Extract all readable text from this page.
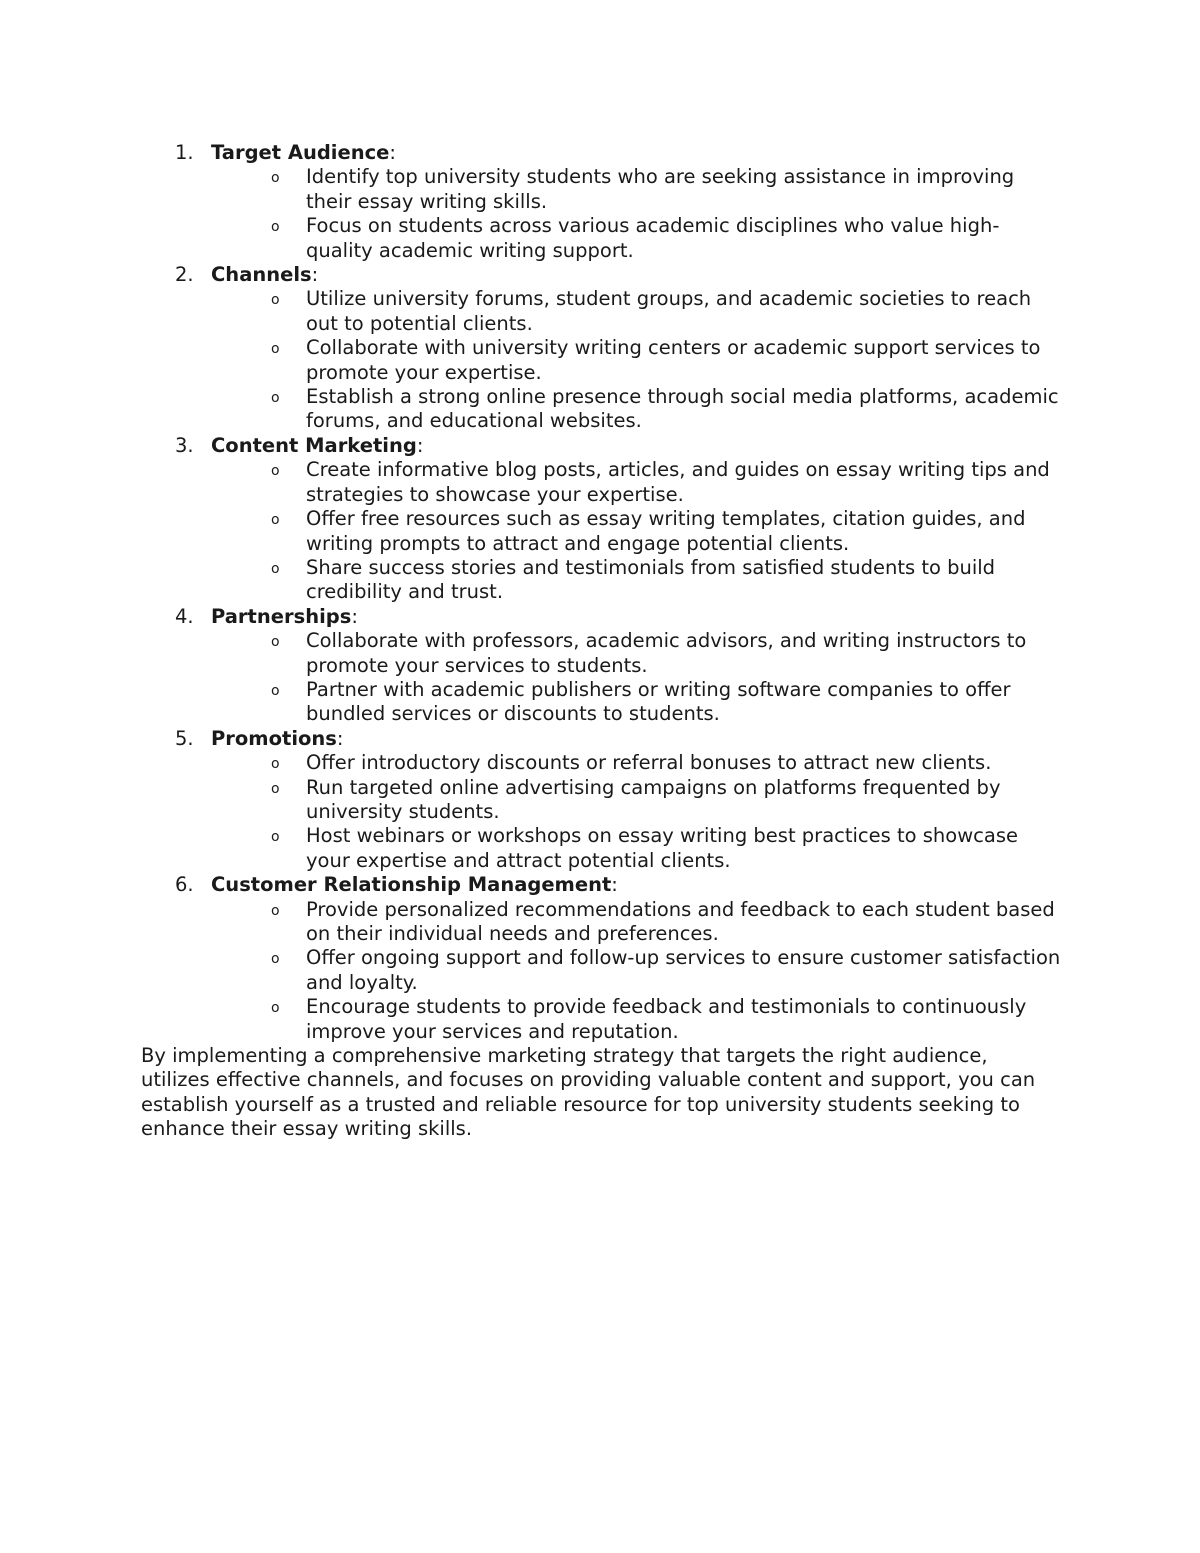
1. Target Audience:
o Identify top university students who are seeking assistance in improving their essay writing skills.
o Focus on students across various academic disciplines who value high-quality academic writing support.
2. Channels:
o Utilize university forums, student groups, and academic societies to reach out to potential clients.
o Collaborate with university writing centers or academic support services to promote your expertise.
o Establish a strong online presence through social media platforms, academic forums, and educational websites.
3. Content Marketing:
o Create informative blog posts, articles, and guides on essay writing tips and strategies to showcase your expertise.
o Offer free resources such as essay writing templates, citation guides, and writing prompts to attract and engage potential clients.
o Share success stories and testimonials from satisfied students to build credibility and trust.
4. Partnerships:
o Collaborate with professors, academic advisors, and writing instructors to promote your services to students.
o Partner with academic publishers or writing software companies to offer bundled services or discounts to students.
5. Promotions:
o Offer introductory discounts or referral bonuses to attract new clients.
o Run targeted online advertising campaigns on platforms frequented by university students.
o Host webinars or workshops on essay writing best practices to showcase your expertise and attract potential clients.
6. Customer Relationship Management:
o Provide personalized recommendations and feedback to each student based on their individual needs and preferences.
o Offer ongoing support and follow-up services to ensure customer satisfaction and loyalty.
o Encourage students to provide feedback and testimonials to continuously improve your services and reputation.
By implementing a comprehensive marketing strategy that targets the right audience, utilizes effective channels, and focuses on providing valuable content and support, you can establish yourself as a trusted and reliable resource for top university students seeking to enhance their essay writing skills.
